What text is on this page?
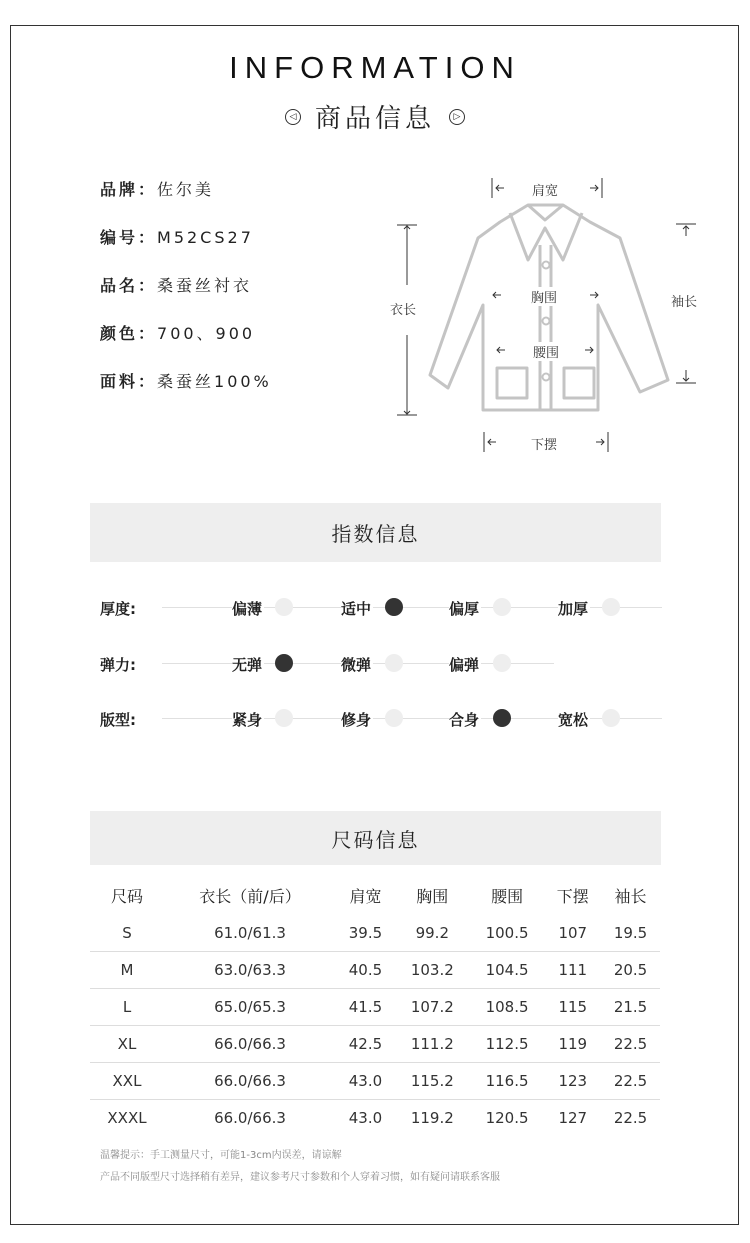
INFORMATION
◁ 商品信息 ▷
品牌：佐尔美
编号：M52CS27
品名：桑蚕丝衬衣
颜色：700、900
面料：桑蚕丝100%
肩宽
衣长
胸围
腰围
下摆
袖长
指数信息
厚度:	偏薄	适中	偏厚	加厚
弹力:	无弹	微弹	偏弹
版型:	紧身	修身	合身	宽松
尺码信息
尺码	衣长（前/后）	肩宽	胸围	腰围	下摆	袖长
S	61.0/61.3	39.5	99.2	100.5	107	19.5
M	63.0/63.3	40.5	103.2	104.5	111	20.5
L	65.0/65.3	41.5	107.2	108.5	115	21.5
XL	66.0/66.3	42.5	111.2	112.5	119	22.5
XXL	66.0/66.3	43.0	115.2	116.5	123	22.5
XXXL	66.0/66.3	43.0	119.2	120.5	127	22.5
温馨提示：手工测量尺寸，可能1-3cm内误差，请谅解
产品不同版型尺寸选择稍有差异，建议参考尺寸参数和个人穿着习惯，如有疑问请联系客服
